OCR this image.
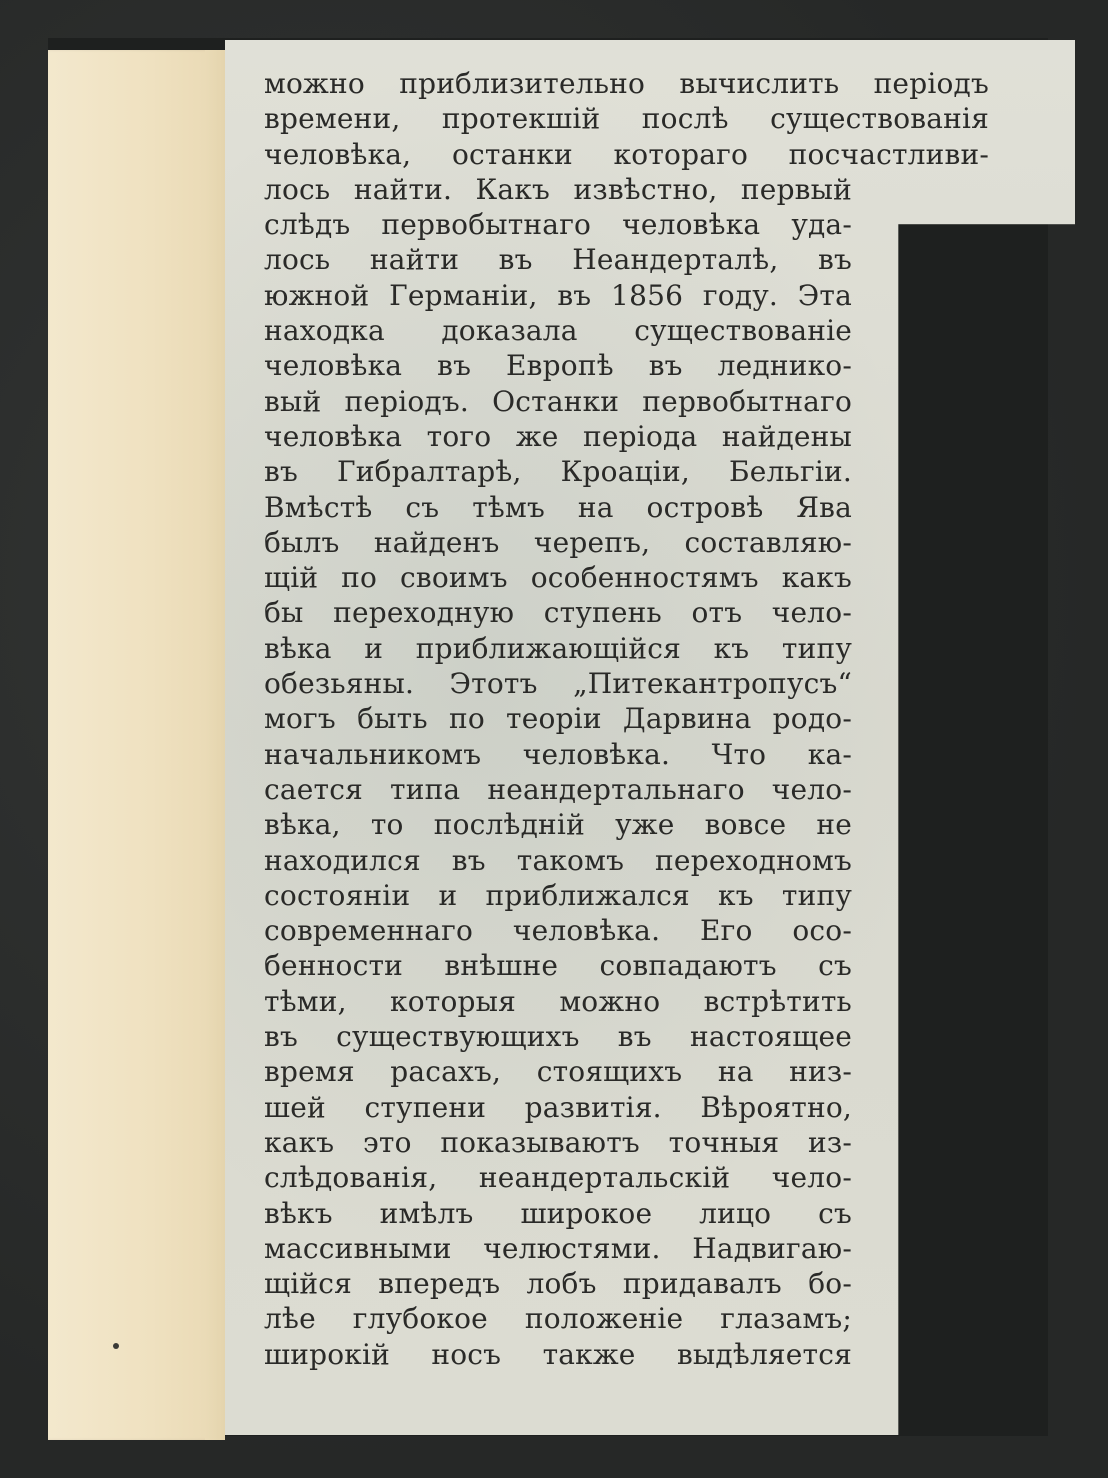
можно приблизительно вычислить періодъ
времени, протекшій послѣ существованія
человѣка, останки котораго посчастливи-
лось найти. Какъ извѣстно, первый
слѣдъ первобытнаго человѣка уда-
лось найти въ Неандерталѣ, въ
южной Германіи, въ 1856 году. Эта
находка доказала существованіе
человѣка въ Европѣ въ леднико-
вый періодъ. Останки первобытнаго
человѣка того же періода найдены
въ Гибралтарѣ, Кроаціи, Бельгіи.
Вмѣстѣ съ тѣмъ на островѣ Ява
былъ найденъ черепъ, составляю-
щій по своимъ особенностямъ какъ
бы переходную ступень отъ чело-
вѣка и приближающійся къ типу
обезьяны. Этотъ „Питекантропусъ“
могъ быть по теоріи Дарвина родо-
начальникомъ человѣка. Что ка-
сается типа неандертальнаго чело-
вѣка, то послѣдній уже вовсе не
находился въ такомъ переходномъ
состояніи и приближался къ типу
современнаго человѣка. Его осо-
бенности внѣшне совпадаютъ съ
тѣми, которыя можно встрѣтить
въ существующихъ въ настоящее
время расахъ, стоящихъ на низ-
шей ступени развитія. Вѣроятно,
какъ это показываютъ точныя из-
слѣдованія, неандертальскій чело-
вѣкъ имѣлъ широкое лицо съ
массивными челюстями. Надвигаю-
щійся впередъ лобъ придавалъ бо-
лѣе глубокое положеніе глазамъ;
широкій носъ также выдѣляется
